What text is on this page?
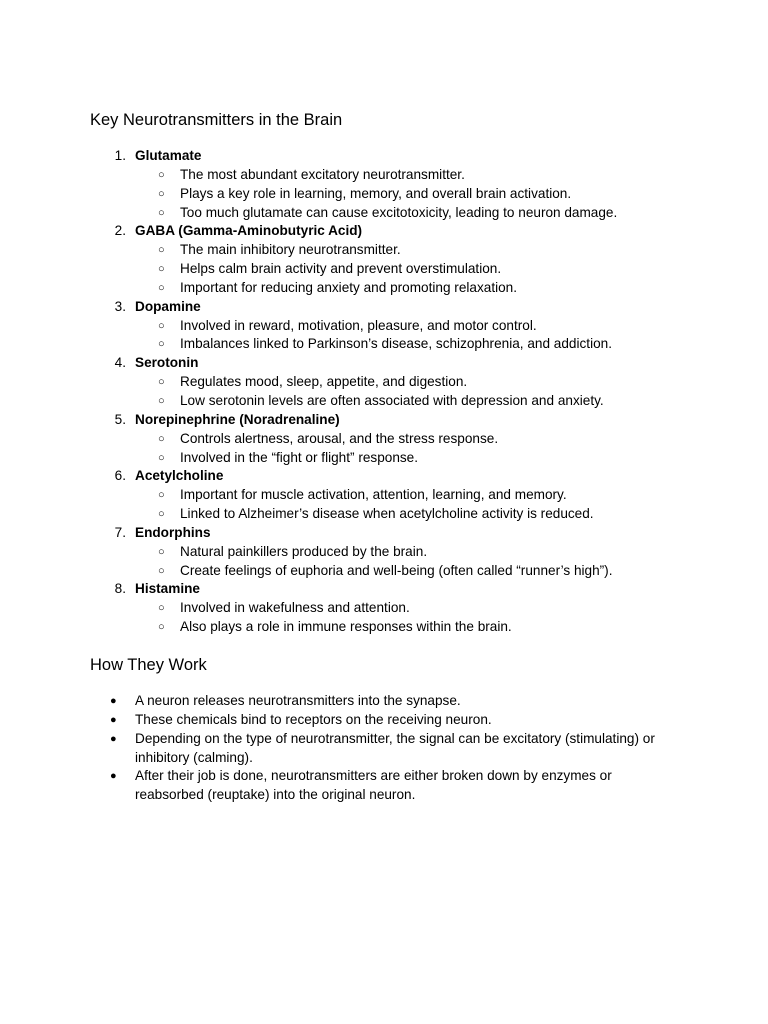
Key Neurotransmitters in the Brain
1. Glutamate
○ The most abundant excitatory neurotransmitter.
○ Plays a key role in learning, memory, and overall brain activation.
○ Too much glutamate can cause excitotoxicity, leading to neuron damage.
2. GABA (Gamma-Aminobutyric Acid)
○ The main inhibitory neurotransmitter.
○ Helps calm brain activity and prevent overstimulation.
○ Important for reducing anxiety and promoting relaxation.
3. Dopamine
○ Involved in reward, motivation, pleasure, and motor control.
○ Imbalances linked to Parkinson’s disease, schizophrenia, and addiction.
4. Serotonin
○ Regulates mood, sleep, appetite, and digestion.
○ Low serotonin levels are often associated with depression and anxiety.
5. Norepinephrine (Noradrenaline)
○ Controls alertness, arousal, and the stress response.
○ Involved in the “fight or flight” response.
6. Acetylcholine
○ Important for muscle activation, attention, learning, and memory.
○ Linked to Alzheimer’s disease when acetylcholine activity is reduced.
7. Endorphins
○ Natural painkillers produced by the brain.
○ Create feelings of euphoria and well-being (often called “runner’s high”).
8. Histamine
○ Involved in wakefulness and attention.
○ Also plays a role in immune responses within the brain.
How They Work
●	A neuron releases neurotransmitters into the synapse.
●	These chemicals bind to receptors on the receiving neuron.
●	Depending on the type of neurotransmitter, the signal can be excitatory (stimulating) or inhibitory (calming).
●	After their job is done, neurotransmitters are either broken down by enzymes or reabsorbed (reuptake) into the original neuron.
